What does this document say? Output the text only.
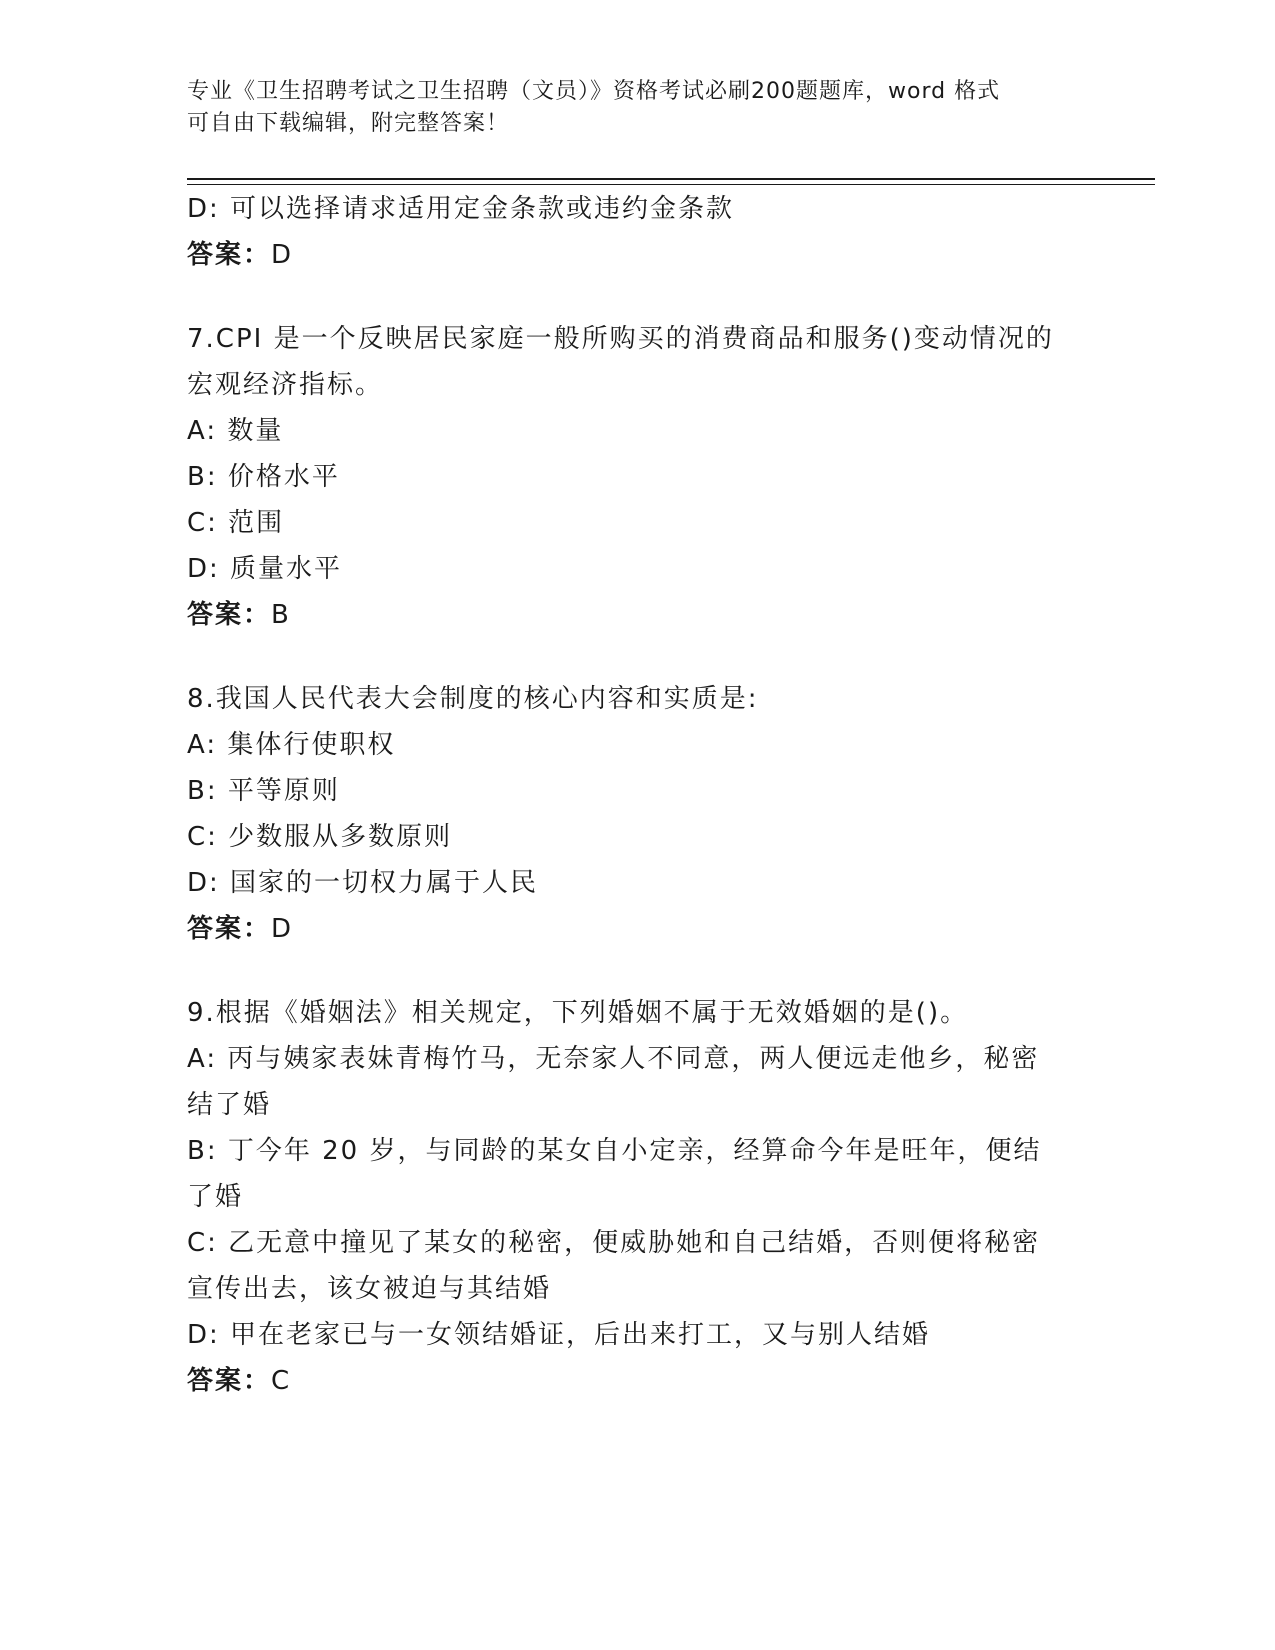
专业《卫生招聘考试之卫生招聘（文员）》资格考试必刷200题题库，word 格式
可自由下载编辑，附完整答案！
D: 可以选择请求适用定金条款或违约金条款
答案：D
7.CPI 是一个反映居民家庭一般所购买的消费商品和服务()变动情况的
宏观经济指标。
A: 数量
B: 价格水平
C: 范围
D: 质量水平
答案：B
8.我国人民代表大会制度的核心内容和实质是:
A: 集体行使职权
B: 平等原则
C: 少数服从多数原则
D: 国家的一切权力属于人民
答案：D
9.根据《婚姻法》相关规定，下列婚姻不属于无效婚姻的是()。
A: 丙与姨家表妹青梅竹马，无奈家人不同意，两人便远走他乡，秘密
结了婚
B: 丁今年 20 岁，与同龄的某女自小定亲，经算命今年是旺年，便结
了婚
C: 乙无意中撞见了某女的秘密，便威胁她和自己结婚，否则便将秘密
宣传出去，该女被迫与其结婚
D: 甲在老家已与一女领结婚证，后出来打工，又与别人结婚
答案：C
